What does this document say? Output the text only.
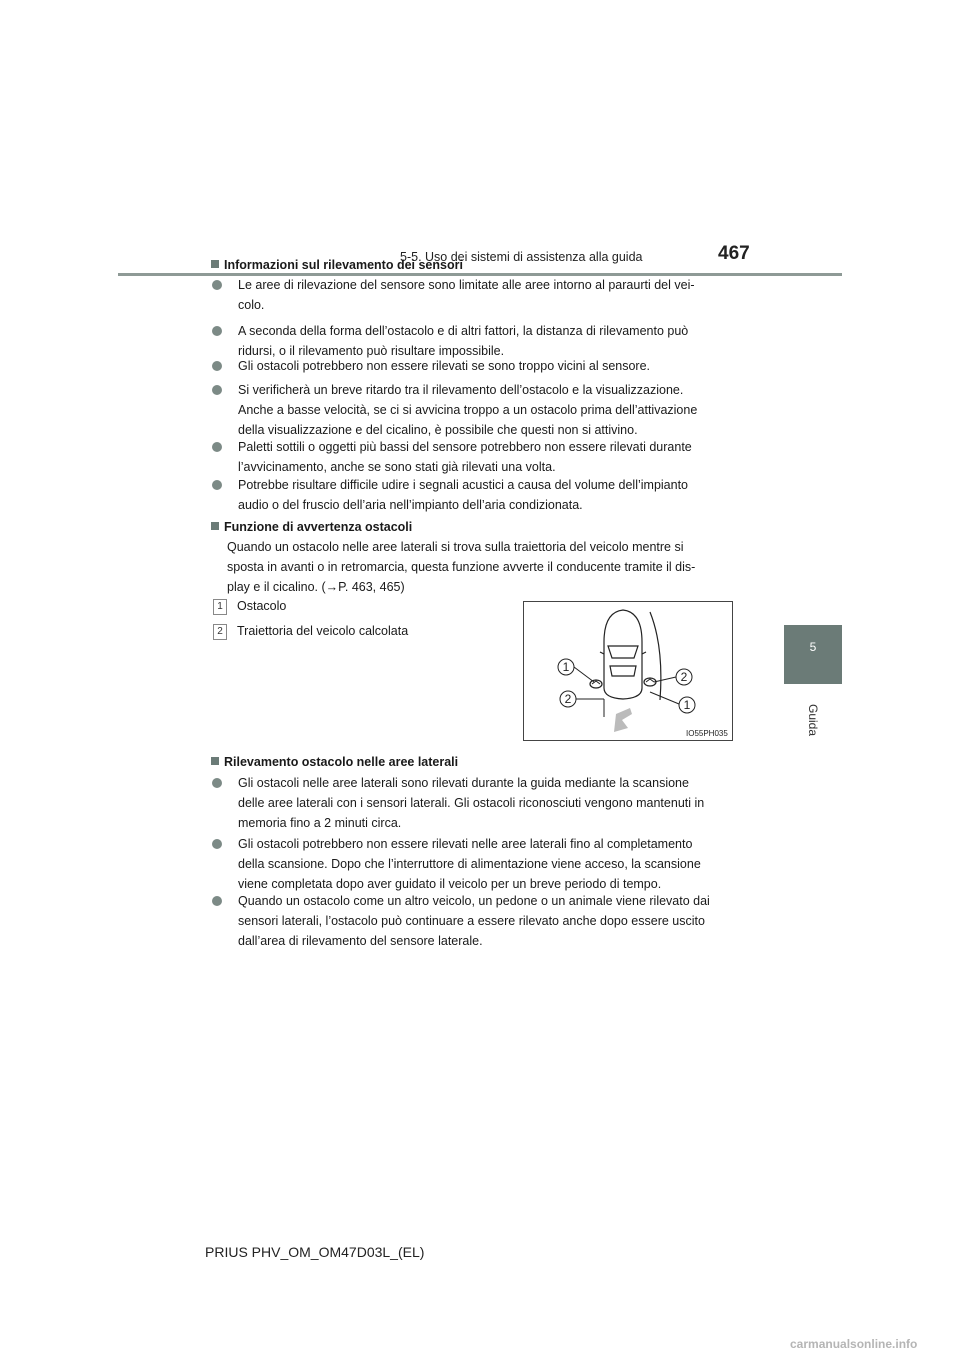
5-5. Uso dei sistemi di assistenza alla guida	467
5
Guida
Informazioni sul rilevamento dei sensori
Le aree di rilevazione del sensore sono limitate alle aree intorno al paraurti del vei-
colo.
A seconda della forma dell’ostacolo e di altri fattori, la distanza di rilevamento può
ridursi, o il rilevamento può risultare impossibile.
Gli ostacoli potrebbero non essere rilevati se sono troppo vicini al sensore.
Si verificherà un breve ritardo tra il rilevamento dell’ostacolo e la visualizzazione.
Anche a basse velocità, se ci si avvicina troppo a un ostacolo prima dell’attivazione
della visualizzazione e del cicalino, è possibile che questi non si attivino.
Paletti sottili o oggetti più bassi del sensore potrebbero non essere rilevati durante
l’avvicinamento, anche se sono stati già rilevati una volta.
Potrebbe risultare difficile udire i segnali acustici a causa del volume dell’impianto
audio o del fruscio dell’aria nell’impianto dell’aria condizionata.
Funzione di avvertenza ostacoli
Quando un ostacolo nelle aree laterali si trova sulla traiettoria del veicolo mentre si
sposta in avanti o in retromarcia, questa funzione avverte il conducente tramite il dis-
play e il cicalino. (→P. 463, 465)
1 Ostacolo
2 Traiettoria del veicolo calcolata
1
2
2
1
IO55PH035
Rilevamento ostacolo nelle aree laterali
Gli ostacoli nelle aree laterali sono rilevati durante la guida mediante la scansione
delle aree laterali con i sensori laterali. Gli ostacoli riconosciuti vengono mantenuti in
memoria fino a 2 minuti circa.
Gli ostacoli potrebbero non essere rilevati nelle aree laterali fino al completamento
della scansione. Dopo che l’interruttore di alimentazione viene acceso, la scansione
viene completata dopo aver guidato il veicolo per un breve periodo di tempo.
Quando un ostacolo come un altro veicolo, un pedone o un animale viene rilevato dai
sensori laterali, l’ostacolo può continuare a essere rilevato anche dopo essere uscito
dall’area di rilevamento del sensore laterale.
PRIUS PHV_OM_OM47D03L_(EL)
carmanualsonline.info
